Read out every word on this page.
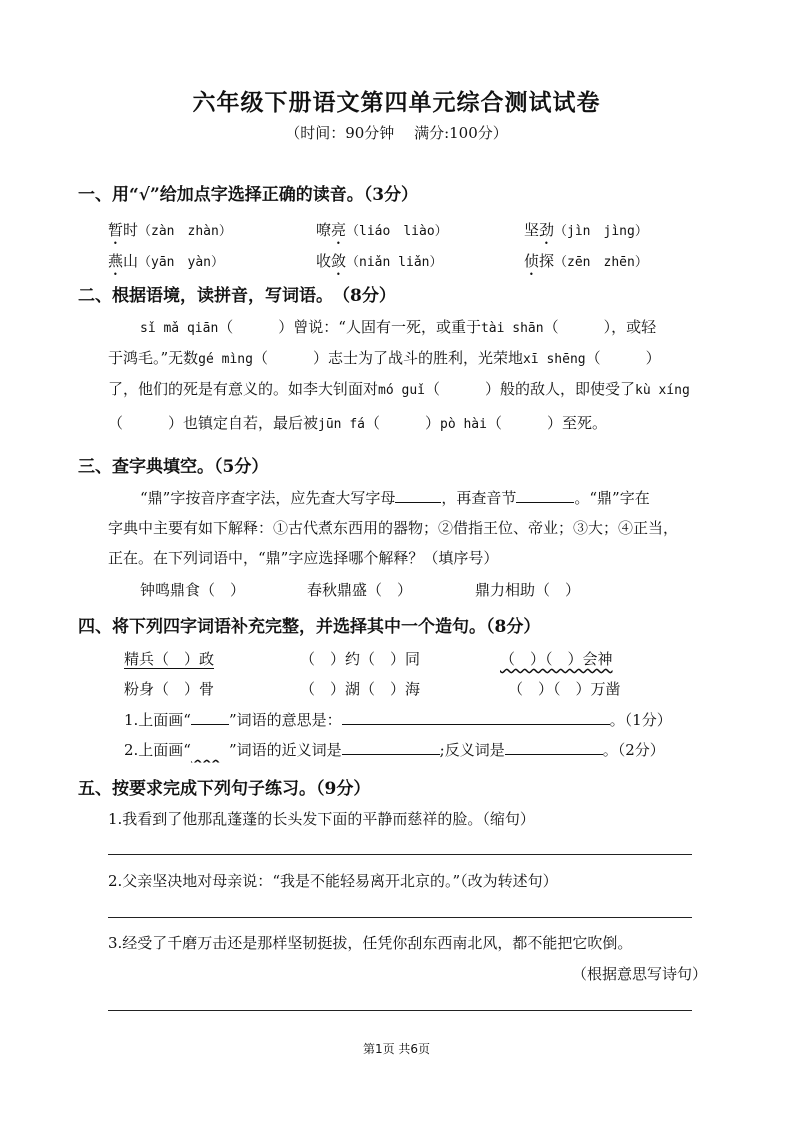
六年级下册语文第四单元综合测试试卷
（时间：90分钟　 满分:100分）
一、用“√”给加点字选择正确的读音。（3分）
暂时（zàn　zhàn）	嘹亮（liáo　liào）	坚劲（jìn　jìng）
燕山（yān　yàn）	收敛（niǎn liǎn）	侦探（zēn　zhēn）
二、根据语境，读拼音，写词语。　（8分）
sǐ mǎ qiān（　　　）曾说：“人固有一死，或重于tài shān（　　　），或轻
于鸿毛。”无数gé mìng（　　　）志士为了战斗的胜利，光荣地xī shēng（　　　）
了，他们的死是有意义的。如李大钊面对mó guǐ（　　　）般的敌人，即使受了kù xíng
（　　　）也镇定自若，最后被jūn fá（　　　）pò hài（　　　）至死。
三、查字典填空。（5分）
“鼎”字按音序查字法，应先查大写字母	，再查音节	。“鼎”字在
字典中主要有如下解释：①古代煮东西用的器物；②借指王位、帝业；③大；④正当，
正在。在下列词语中，“鼎”字应选择哪个解释？（填序号）
钟鸣鼎食（　）	春秋鼎盛（　）	鼎力相助（　）
四、将下列四字词语补充完整，并选择其中一个造句。（8分）
精兵（　）政	（　）约（　）同	（　）（　）会神
粉身（　）骨	（　）湖（　）海	（　）（　）万凿
1.上面画“	”词语的意思是：	。（1分）
2.上面画“　　	”词语的近义词是	;反义词是	。（2分）
五、按要求完成下列句子练习。（9分）
1.我看到了他那乱蓬蓬的长头发下面的平静而慈祥的脸。（缩句）
2.父亲坚决地对母亲说：“我是不能轻易离开北京的。”（改为转述句）
3.经受了千磨万击还是那样坚韧挺拔，任凭你刮东西南北风，都不能把它吹倒。
（根据意思写诗句）
第1页 共6页
